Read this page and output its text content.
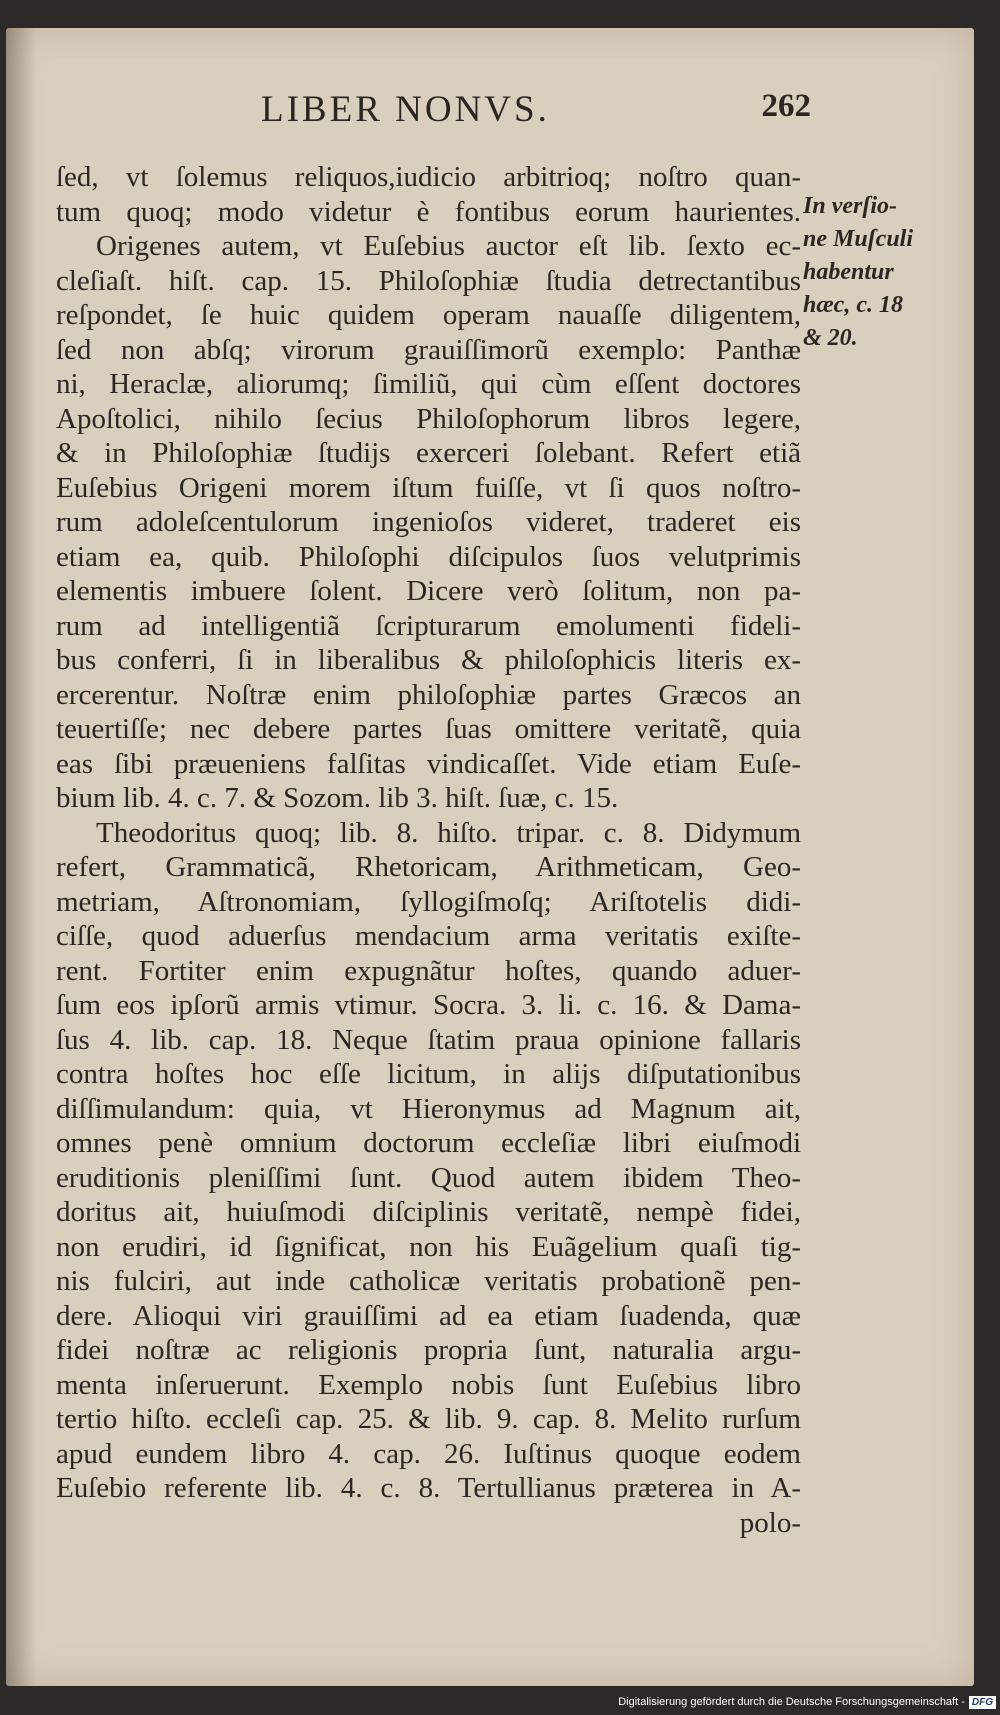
LIBER NONVS.	262
ſed, vt ſolemus reliquos,iudicio arbitrioq; noſtro quan-
tum quoq; modo videtur è fontibus eorum haurientes.
Origenes autem, vt Euſebius auctor eſt lib. ſexto ec-
cleſiaſt. hiſt. cap. 15. Philoſophiæ ſtudia detrectantibus
reſpondet, ſe huic quidem operam nauaſſe diligentem,
ſed non abſq; virorum grauiſſimorũ exemplo: Panthæ
ni, Heraclæ, aliorumq; ſimiliũ, qui cùm eſſent doctores
Apoſtolici, nihilo ſecius Philoſophorum libros legere,
& in Philoſophiæ ſtudijs exerceri ſolebant. Refert etiã
Euſebius Origeni morem iſtum fuiſſe, vt ſi quos noſtro-
rum adoleſcentulorum ingenioſos videret, traderet eis
etiam ea, quib. Philoſophi diſcipulos ſuos velutprimis
elementis imbuere ſolent. Dicere verò ſolitum, non pa-
rum ad intelligentiã ſcripturarum emolumenti fideli-
bus conferri, ſi in liberalibus & philoſophicis literis ex-
ercerentur. Noſtræ enim philoſophiæ partes Græcos an
teuertiſſe; nec debere partes ſuas omittere veritatẽ, quia
eas ſibi præueniens falſitas vindicaſſet. Vide etiam Euſe-
bium lib. 4. c. 7. & Sozom. lib 3. hiſt. ſuæ, c. 15.
Theodoritus quoq; lib. 8. hiſto. tripar. c. 8. Didymum
refert, Grammaticã, Rhetoricam, Arithmeticam, Geo-
metriam, Aſtronomiam, ſyllogiſmoſq; Ariſtotelis didi-
ciſſe, quod aduerſus mendacium arma veritatis exiſte-
rent. Fortiter enim expugnãtur hoſtes, quando aduer-
ſum eos ipſorũ armis vtimur. Socra. 3. li. c. 16. & Dama-
ſus 4. lib. cap. 18. Neque ſtatim praua opinione fallaris
contra hoſtes hoc eſſe licitum, in alijs diſputationibus
diſſimulandum: quia, vt Hieronymus ad Magnum ait,
omnes penè omnium doctorum eccleſiæ libri eiuſmodi
eruditionis pleniſſimi ſunt. Quod autem ibidem Theo-
doritus ait, huiuſmodi diſciplinis veritatẽ, nempè fidei,
non erudiri, id ſignificat, non his Euãgelium quaſi tig-
nis fulciri, aut inde catholicæ veritatis probationẽ pen-
dere. Alioqui viri grauiſſimi ad ea etiam ſuadenda, quæ
fidei noſtræ ac religionis propria ſunt, naturalia argu-
menta inſeruerunt. Exemplo nobis ſunt Euſebius libro
tertio hiſto. eccleſi cap. 25. & lib. 9. cap. 8. Melito rurſum
apud eundem libro 4. cap. 26. Iuſtinus quoque eodem
Euſebio referente lib. 4. c. 8. Tertullianus præterea in A-
polo-
In verſio-
ne Muſculi
habentur
hæc, c. 18
& 20.
Digitalisierung gefördert durch die Deutsche Forschungsgemeinschaft - DFG
